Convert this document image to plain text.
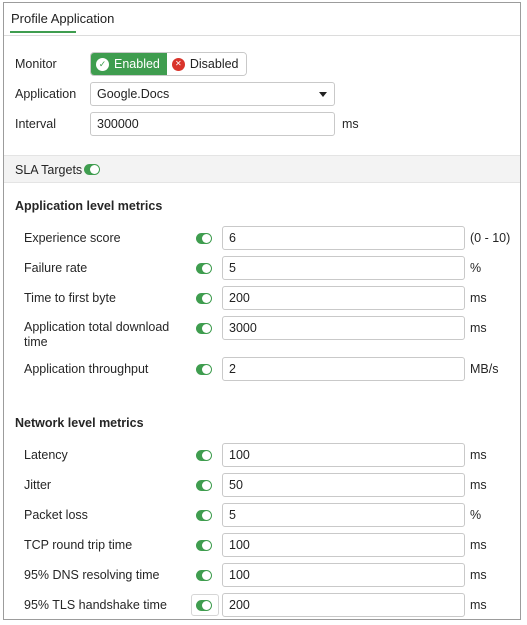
Profile Application
Monitor	✓ Enabled	✕ Disabled
Application	Google.Docs
Interval	300000	ms
SLA Targets
Application level metrics
Experience score	6	(0 - 10)
Failure rate	5	%
Time to first byte	200	ms
Application total download
time
3000	ms
Application throughput	2	MB/s
Network level metrics
Latency	100	ms
Jitter	50	ms
Packet loss	5	%
TCP round trip time	100	ms
95% DNS resolving time	100	ms
95% TLS handshake time	200	ms
